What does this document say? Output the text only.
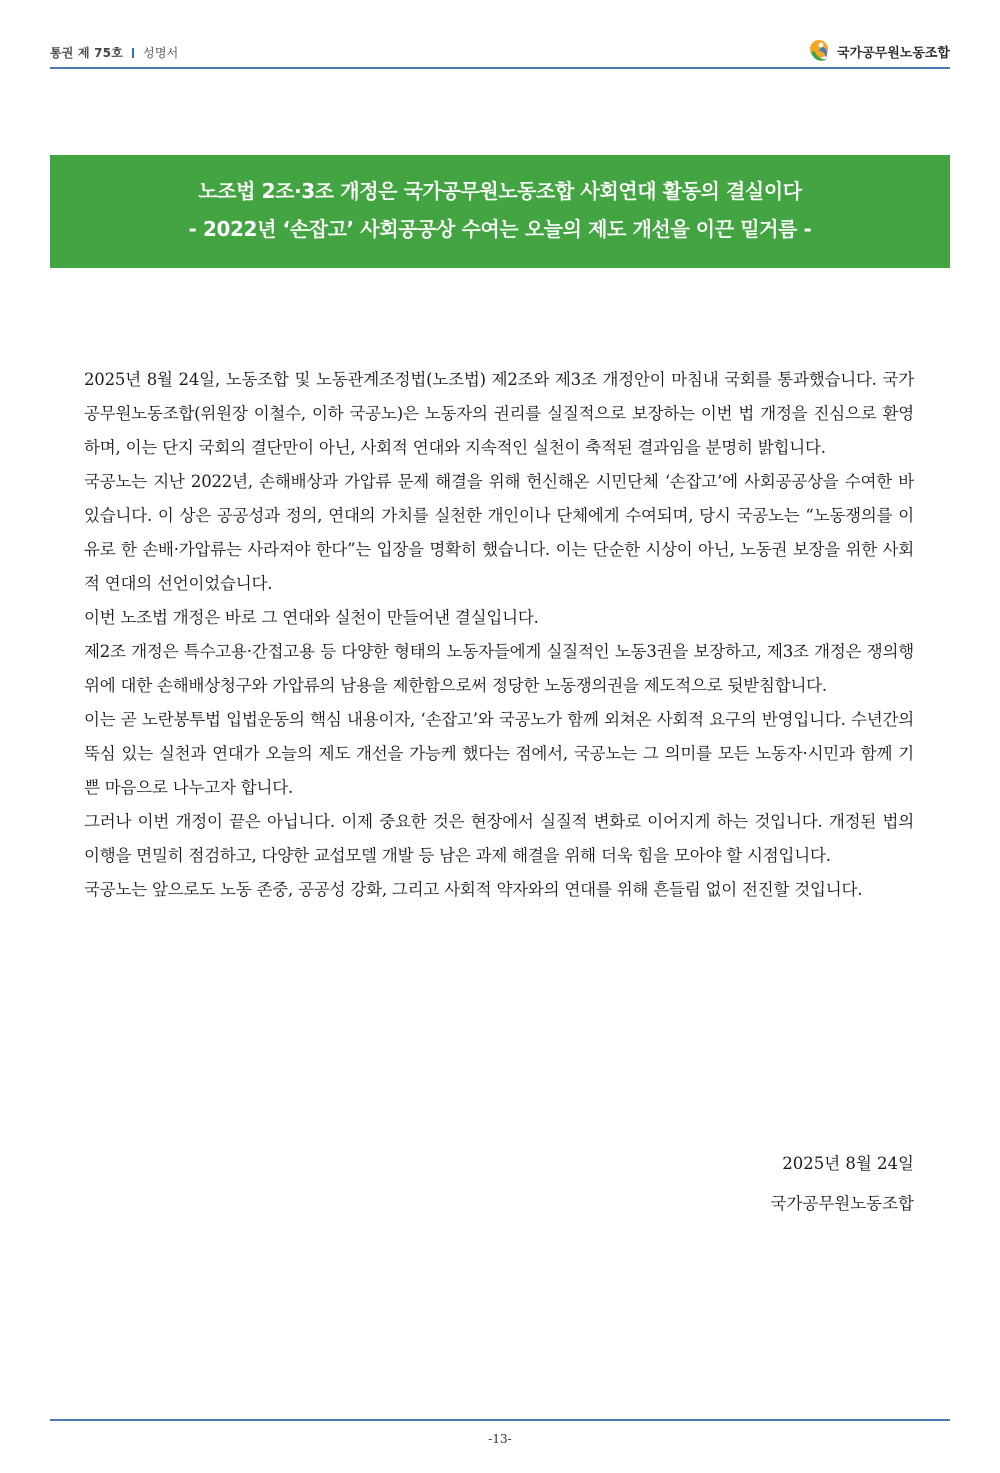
통권 제 75호 성명서	국가공무원노동조합
노조법 2조·3조 개정은 국가공무원노동조합 사회연대 활동의 결실이다
- 2022년 ‘손잡고’ 사회공공상 수여는 오늘의 제도 개선을 이끈 밑거름 -

2025년 8월 24일, 노동조합 및 노동관계조정법(노조법) 제2조와 제3조 개정안이 마침내 국회를 통과했습니다. 국가공무원노동조합(위원장 이철수, 이하 국공노)은 노동자의 권리를 실질적으로 보장하는 이번 법 개정을 진심으로 환영하며, 이는 단지 국회의 결단만이 아닌, 사회적 연대와 지속적인 실천이 축적된 결과임을 분명히 밝힙니다.

국공노는 지난 2022년, 손해배상과 가압류 문제 해결을 위해 헌신해온 시민단체 ‘손잡고’에 사회공공상을 수여한 바 있습니다. 이 상은 공공성과 정의, 연대의 가치를 실천한 개인이나 단체에게 수여되며, 당시 국공노는 “노동쟁의를 이유로 한 손배·가압류는 사라져야 한다”는 입장을 명확히 했습니다. 이는 단순한 시상이 아닌, 노동권 보장을 위한 사회적 연대의 선언이었습니다.

이번 노조법 개정은 바로 그 연대와 실천이 만들어낸 결실입니다.

제2조 개정은 특수고용·간접고용 등 다양한 형태의 노동자들에게 실질적인 노동3권을 보장하고, 제3조 개정은 쟁의행위에 대한 손해배상청구와 가압류의 남용을 제한함으로써 정당한 노동쟁의권을 제도적으로 뒷받침합니다.

이는 곧 노란봉투법 입법운동의 핵심 내용이자, ‘손잡고’와 국공노가 함께 외쳐온 사회적 요구의 반영입니다. 수년간의 뚝심 있는 실천과 연대가 오늘의 제도 개선을 가능케 했다는 점에서, 국공노는 그 의미를 모든 노동자·시민과 함께 기쁜 마음으로 나누고자 합니다.

그러나 이번 개정이 끝은 아닙니다. 이제 중요한 것은 현장에서 실질적 변화로 이어지게 하는 것입니다. 개정된 법의 이행을 면밀히 점검하고, 다양한 교섭모델 개발 등 남은 과제 해결을 위해 더욱 힘을 모아야 할 시점입니다.

국공노는 앞으로도 노동 존중, 공공성 강화, 그리고 사회적 약자와의 연대를 위해 흔들림 없이 전진할 것입니다.

2025년 8월 24일
국가공무원노동조합
-13-
